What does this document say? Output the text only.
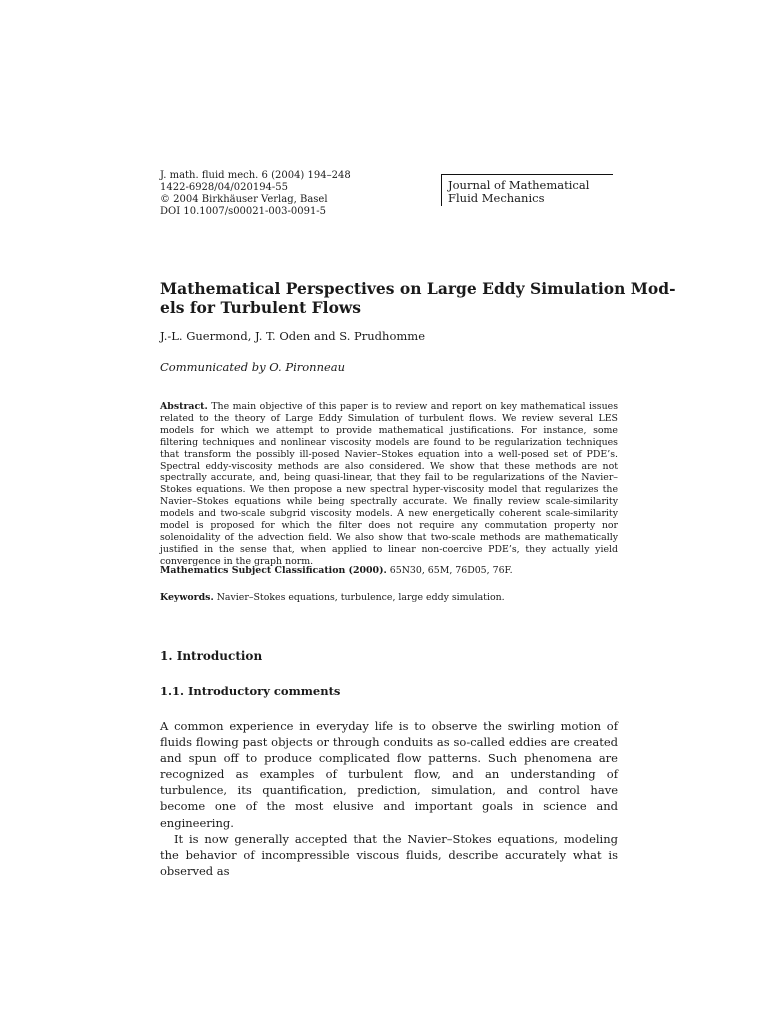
J. math. fluid mech. 6 (2004) 194–248
1422-6928/04/020194-55
© 2004 Birkhäuser Verlag, Basel
DOI 10.1007/s00021-003-0091-5
Journal of Mathematical
Fluid Mechanics
Mathematical Perspectives on Large Eddy Simulation Mod-
els for Turbulent Flows
J.-L. Guermond, J. T. Oden and S. Prudhomme
Communicated by O. Pironneau
Abstract. The main objective of this paper is to review and report on key mathematical issues related to the theory of Large Eddy Simulation of turbulent flows. We review several LES models for which we attempt to provide mathematical justifications. For instance, some filtering techniques and nonlinear viscosity models are found to be regularization techniques that transform the possibly ill-posed Navier–Stokes equation into a well-posed set of PDE’s. Spectral eddy-viscosity methods are also considered. We show that these methods are not spectrally accurate, and, being quasi-linear, that they fail to be regularizations of the Navier–Stokes equations. We then propose a new spectral hyper-viscosity model that regularizes the Navier–Stokes equations while being spectrally accurate. We finally review scale-similarity models and two-scale subgrid viscosity models. A new energetically coherent scale-similarity model is proposed for which the filter does not require any commutation property nor solenoidality of the advection field. We also show that two-scale methods are mathematically justified in the sense that, when applied to linear non-coercive PDE’s, they actually yield convergence in the graph norm.
Mathematics Subject Classification (2000). 65N30, 65M, 76D05, 76F.
Keywords. Navier–Stokes equations, turbulence, large eddy simulation.
1. Introduction
1.1. Introductory comments

A common experience in everyday life is to observe the swirling motion of fluids flowing past objects or through conduits as so-called eddies are created and spun off to produce complicated flow patterns. Such phenomena are recognized as examples of turbulent flow, and an understanding of turbulence, its quantification, prediction, simulation, and control have become one of the most elusive and important goals in science and engineering.

It is now generally accepted that the Navier–Stokes equations, modeling the behavior of incompressible viscous fluids, describe accurately what is observed as
